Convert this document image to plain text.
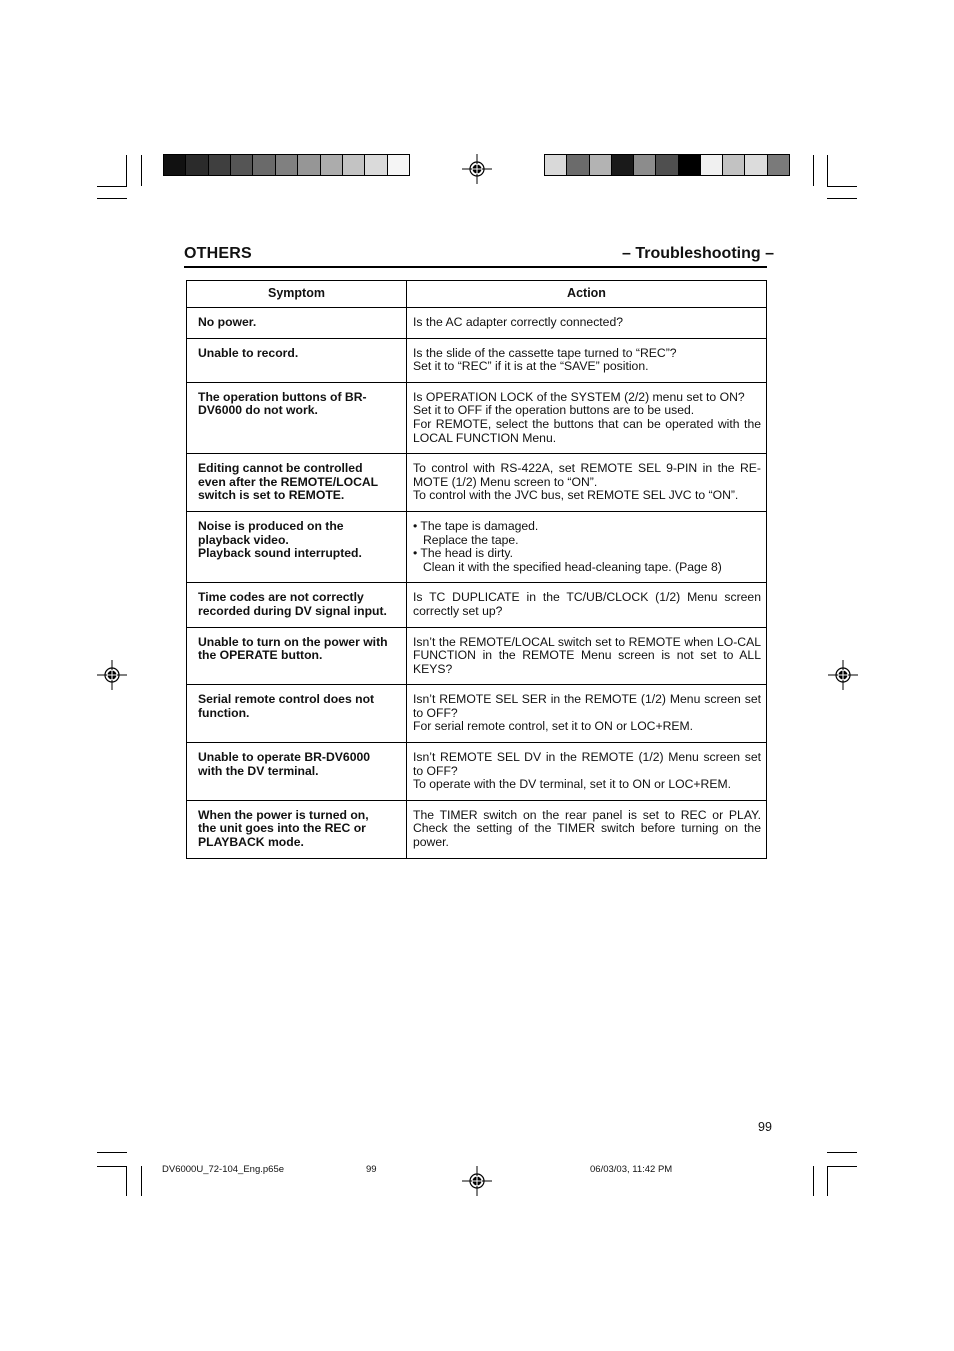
OTHERS	– Troubleshooting –
Symptom	Action

No power.	Is the AC adapter correctly connected?

Unable to record.	Is the slide of the cassette tape turned to “REC”?
Set it to “REC” if it is at the “SAVE” position.

The operation buttons of BR-
DV6000 do not work.	Is OPERATION LOCK of the SYSTEM (2/2) menu set to ON?
Set it to OFF if the operation buttons are to be used.
For REMOTE, select the buttons that can be operated with the LOCAL FUNCTION Menu.

Editing cannot be controlled
even after the REMOTE/LOCAL
switch is set to REMOTE.	To control with RS-422A, set REMOTE SEL 9-PIN in the RE-MOTE (1/2) Menu screen to “ON”.
To control with the JVC bus, set REMOTE SEL JVC to “ON”.

Noise is produced on the
playback video.
Playback sound interrupted.	• The tape is damaged.
Replace the tape.
• The head is dirty.
Clean it with the specified head-cleaning tape. (Page 8)

Time codes are not correctly
recorded during DV signal input.	Is TC DUPLICATE in the TC/UB/CLOCK (1/2) Menu screen correctly set up?

Unable to turn on the power with
the OPERATE button.	Isn’t the REMOTE/LOCAL switch set to REMOTE when LO-CAL FUNCTION in the REMOTE Menu screen is not set to ALL KEYS?

Serial remote control does not
function.	Isn’t REMOTE SEL SER in the REMOTE (1/2) Menu screen set to OFF?
For serial remote control, set it to ON or LOC+REM.

Unable to operate BR-DV6000
with the DV terminal.	Isn’t REMOTE SEL DV in the REMOTE (1/2) Menu screen set to OFF?
To operate with the DV terminal, set it to ON or LOC+REM.

When the power is turned on,
the unit goes into the REC or
PLAYBACK mode.	The TIMER switch on the rear panel is set to REC or PLAY. Check the setting of the TIMER switch before turning on the power.
99
DV6000U_72-104_Eng.p65e	99	06/03/03, 11:42 PM
